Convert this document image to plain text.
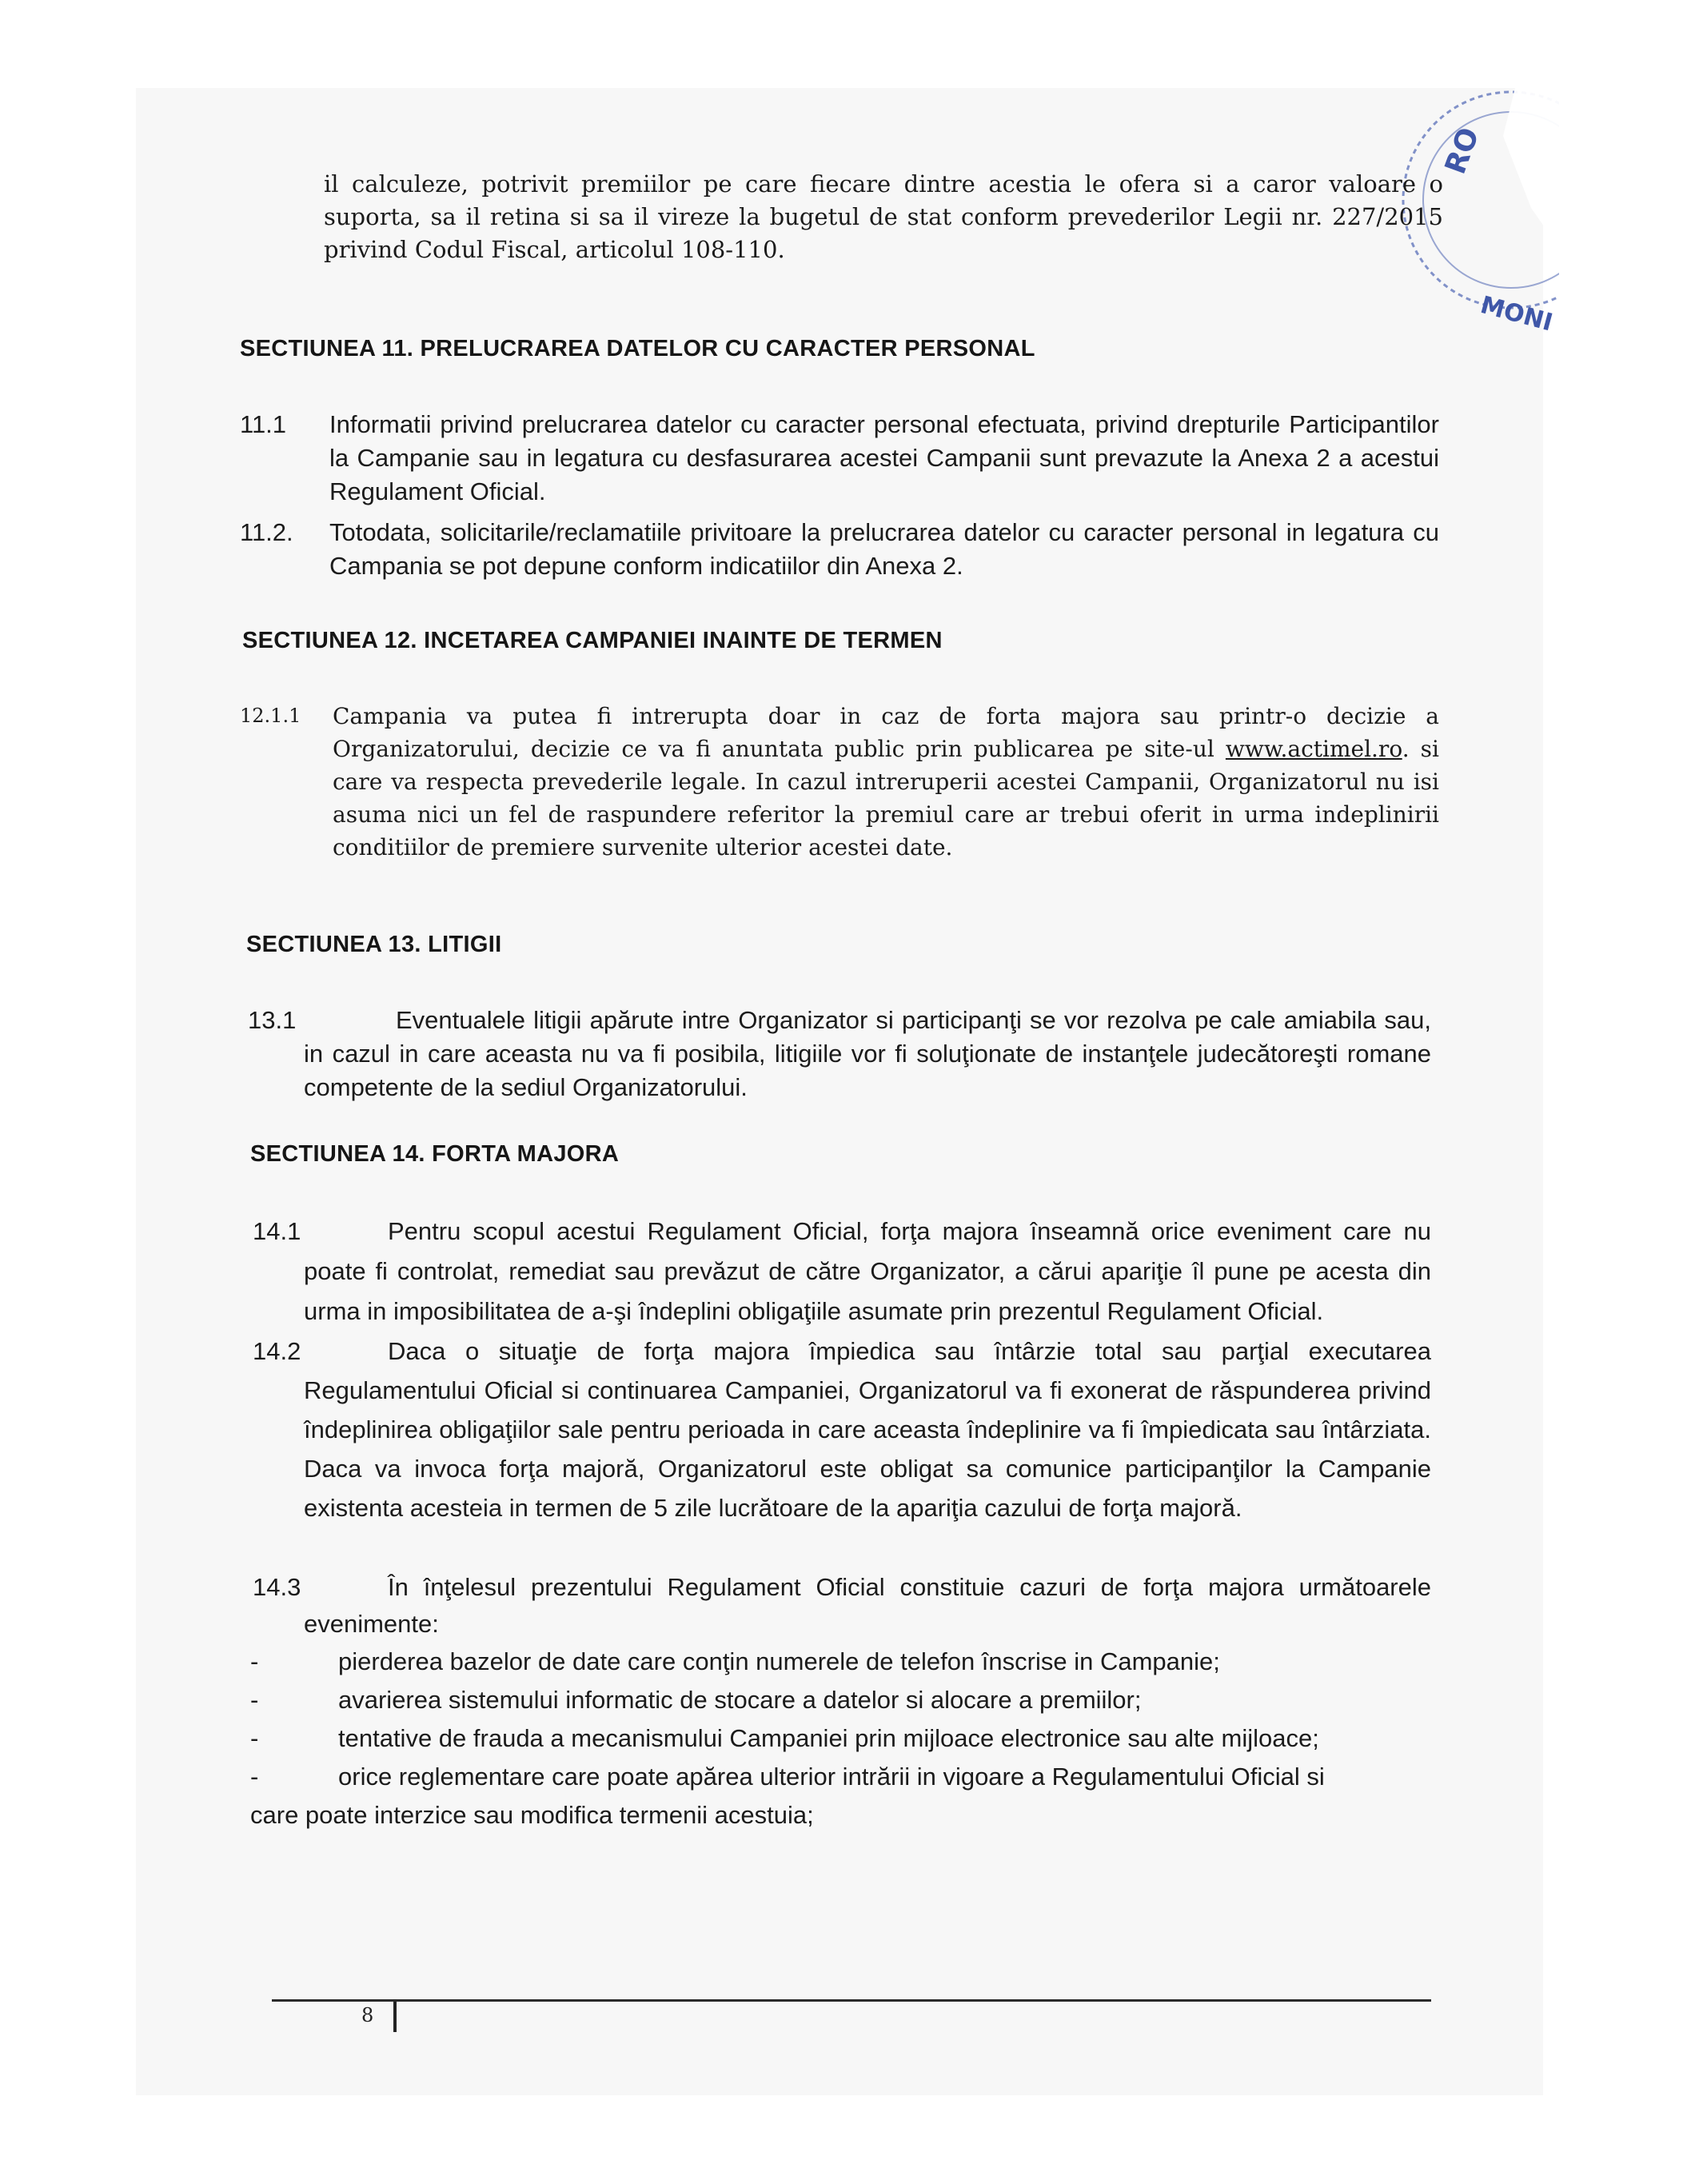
RO
MONI
il calculeze, potrivit premiilor pe care fiecare dintre acestia le ofera si a caror valoare o suporta, sa il retina si sa il vireze la bugetul de stat conform prevederilor Legii nr. 227/2015 privind Codul Fiscal, articolul 108-110.
SECTIUNEA 11. PRELUCRAREA DATELOR CU CARACTER PERSONAL
11.1 Informatii privind prelucrarea datelor cu caracter personal efectuata, privind drepturile Participantilor la Campanie sau in legatura cu desfasurarea acestei Campanii sunt prevazute la Anexa 2 a acestui Regulament Oficial.
11.2. Totodata, solicitarile/reclamatiile privitoare la prelucrarea datelor cu caracter personal in legatura cu Campania se pot depune conform indicatiilor din Anexa 2.
SECTIUNEA 12. INCETAREA CAMPANIEI INAINTE DE TERMEN
12.1.1 Campania va putea fi intrerupta doar in caz de forta majora sau printr-o decizie a Organizatorului, decizie ce va fi anuntata public prin publicarea pe site-ul www.actimel.ro. si care va respecta prevederile legale. In cazul intreruperii acestei Campanii, Organizatorul nu isi asuma nici un fel de raspundere referitor la premiul care ar trebui oferit in urma indeplinirii conditiilor de premiere survenite ulterior acestei date.
SECTIUNEA 13. LITIGII
13.1	Eventualele litigii apărute intre Organizator si participanţi se vor rezolva pe cale amiabila sau, in cazul in care aceasta nu va fi posibila, litigiile vor fi soluţionate de instanţele judecătoreşti romane competente de la sediul Organizatorului.
SECTIUNEA 14. FORTA MAJORA
14.1	Pentru scopul acestui Regulament Oficial, forţa majora înseamnă orice eveniment care nu poate fi controlat, remediat sau prevăzut de către Organizator, a cărui apariţie îl pune pe acesta din urma in imposibilitatea de a-şi îndeplini obligaţiile asumate prin prezentul Regulament Oficial.
14.2	Daca o situaţie de forţa majora împiedica sau întârzie total sau parţial executarea Regulamentului Oficial si continuarea Campaniei, Organizatorul va fi exonerat de răspunderea privind îndeplinirea obligaţiilor sale pentru perioada in care aceasta îndeplinire va fi împiedicata sau întârziata. Daca va invoca forţa majoră, Organizatorul este obligat sa comunice participanţilor la Campanie existenta acesteia in termen de 5 zile lucrătoare de la apariţia cazului de forţa majoră.
14.3	În înţelesul prezentului Regulament Oficial constituie cazuri de forţa majora următoarele evenimente:
-	pierderea bazelor de date care conţin numerele de telefon înscrise in Campanie;
-	avarierea sistemului informatic de stocare a datelor si alocare a premiilor;
-	tentative de frauda a mecanismului Campaniei prin mijloace electronice sau alte mijloace;
-	orice reglementare care poate apărea ulterior intrării in vigoare a Regulamentului Oficial si
care poate interzice sau modifica termenii acestuia;
8
